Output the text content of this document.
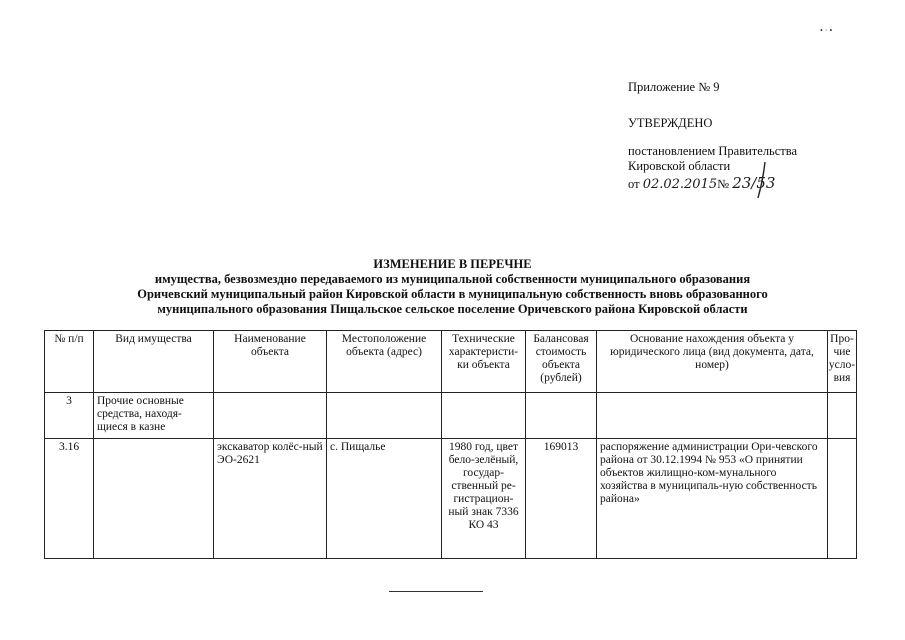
• · •
Приложение № 9
УТВЕРЖДЕНО
постановлением Правительства
Кировской области
от 02.02.2015№ 23/53
ИЗМЕНЕНИЕ В ПЕРЕЧНЕ
имущества, безвозмездно передаваемого из муниципальной собственности муниципального образования
Оричевский муниципальный район Кировской области в муниципальную собственность вновь образованного
муниципального образования Пищальское сельское поселение Оричевского района Кировской области
№ п/п	Вид имущества	Наименование объекта	Местоположение объекта (адрес)	Технические характеристи-ки объекта	Балансовая стоимость объекта (рублей)	Основание нахождения объекта у юридического лица (вид документа, дата, номер)	Про-чие усло-вия
3	Прочие основные средства, находя-щиеся в казне						
3.16		экскаватор колёс-ный ЭО-2621	с. Пищалье	1980 год, цвет бело-зелёный, государ-ственный ре-гистрацион-ный знак 7336 КО 43	169013	распоряжение администрации Ори-чевского района от 30.12.1994 № 953 «О принятии объектов жилищно-ком-мунального хозяйства в муниципаль-ную собственность района»	
